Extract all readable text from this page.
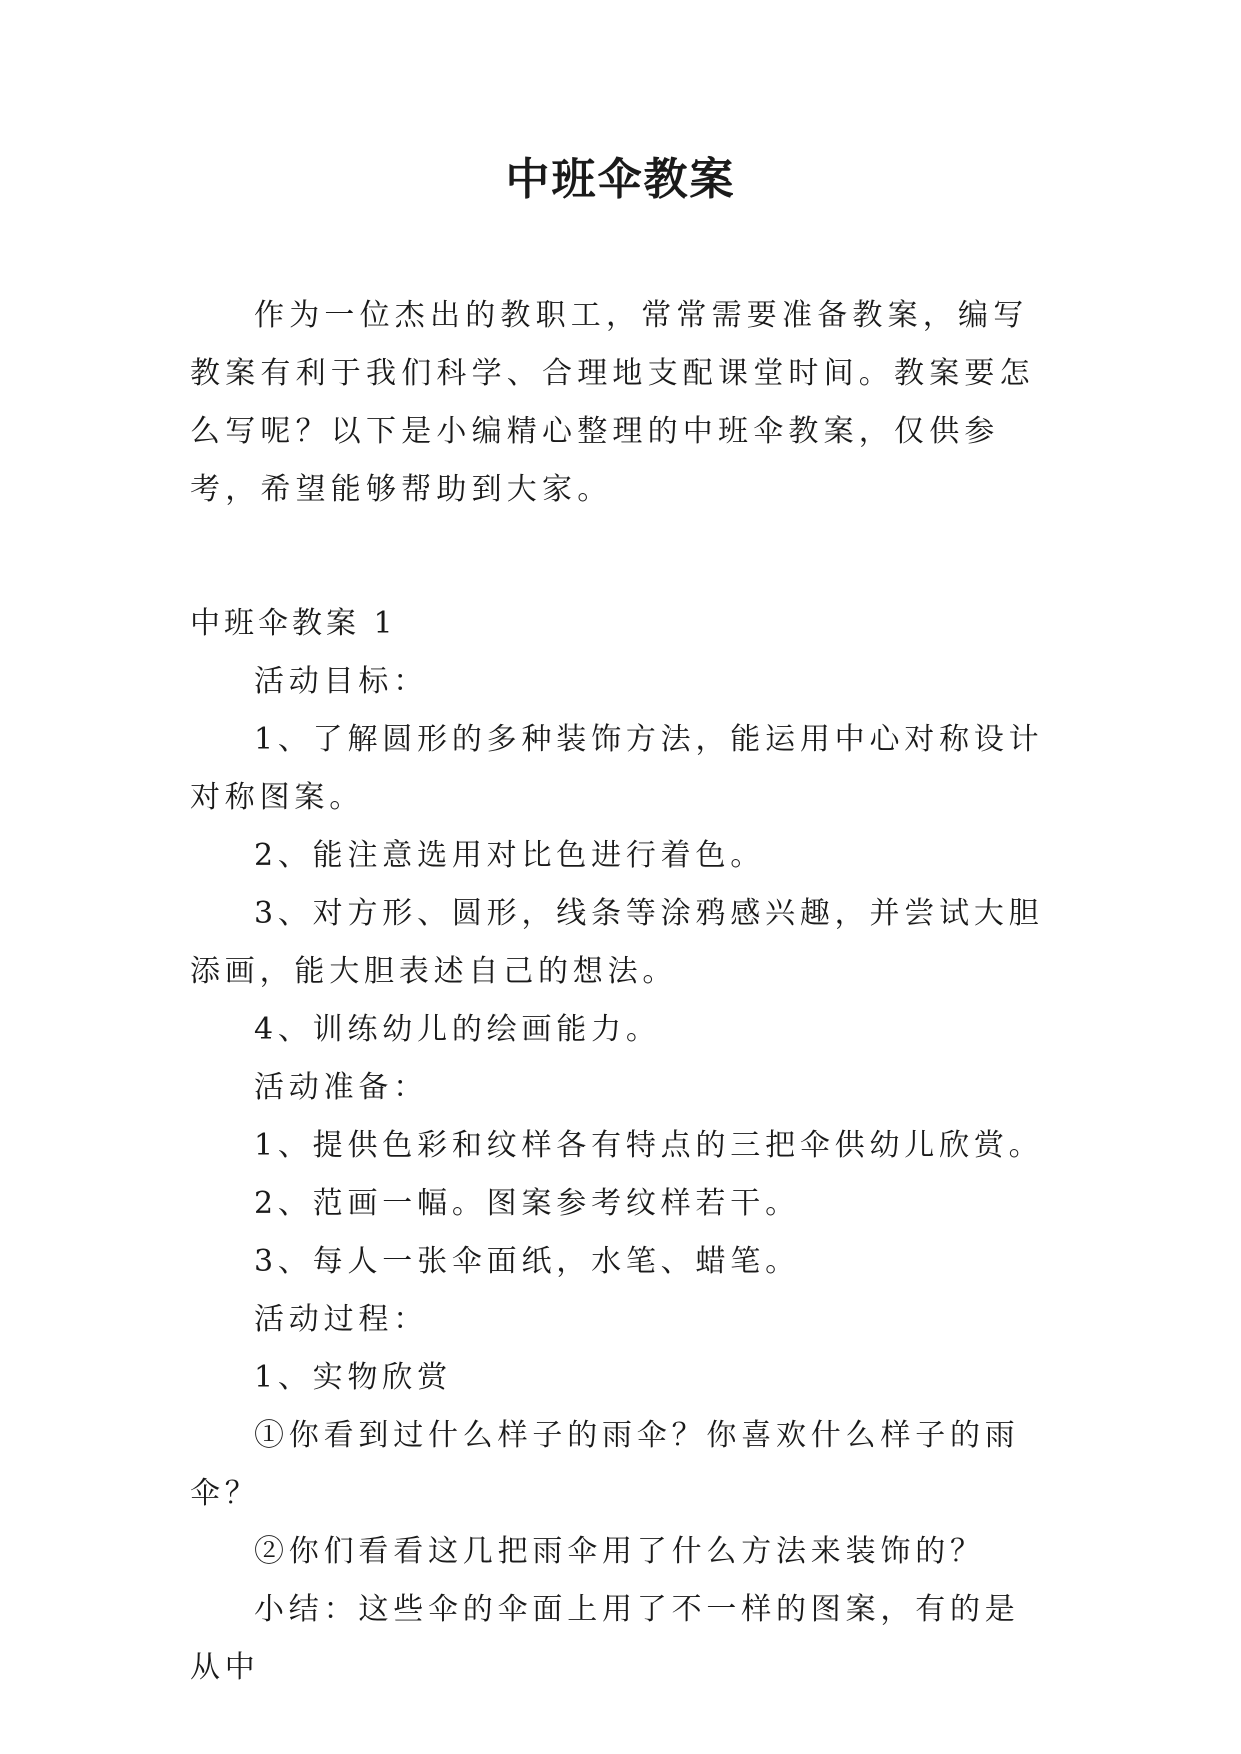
中班伞教案

作为一位杰出的教职工，常常需要准备教案，编写教案有利于我们科学、合理地支配课堂时间。教案要怎么写呢？以下是小编精心整理的中班伞教案，仅供参考，希望能够帮助到大家。

中班伞教案 1

活动目标：

1、了解圆形的多种装饰方法，能运用中心对称设计对称图案。

2、能注意选用对比色进行着色。

3、对方形、圆形，线条等涂鸦感兴趣，并尝试大胆添画，能大胆表述自己的想法。

4、训练幼儿的绘画能力。

活动准备：

1、提供色彩和纹样各有特点的三把伞供幼儿欣赏。

2、范画一幅。图案参考纹样若干。

3、每人一张伞面纸，水笔、蜡笔。

活动过程：

1、实物欣赏

①你看到过什么样子的雨伞？你喜欢什么样子的雨伞？

②你们看看这几把雨伞用了什么方法来装饰的？

小结：这些伞的伞面上用了不一样的图案，有的是从中
